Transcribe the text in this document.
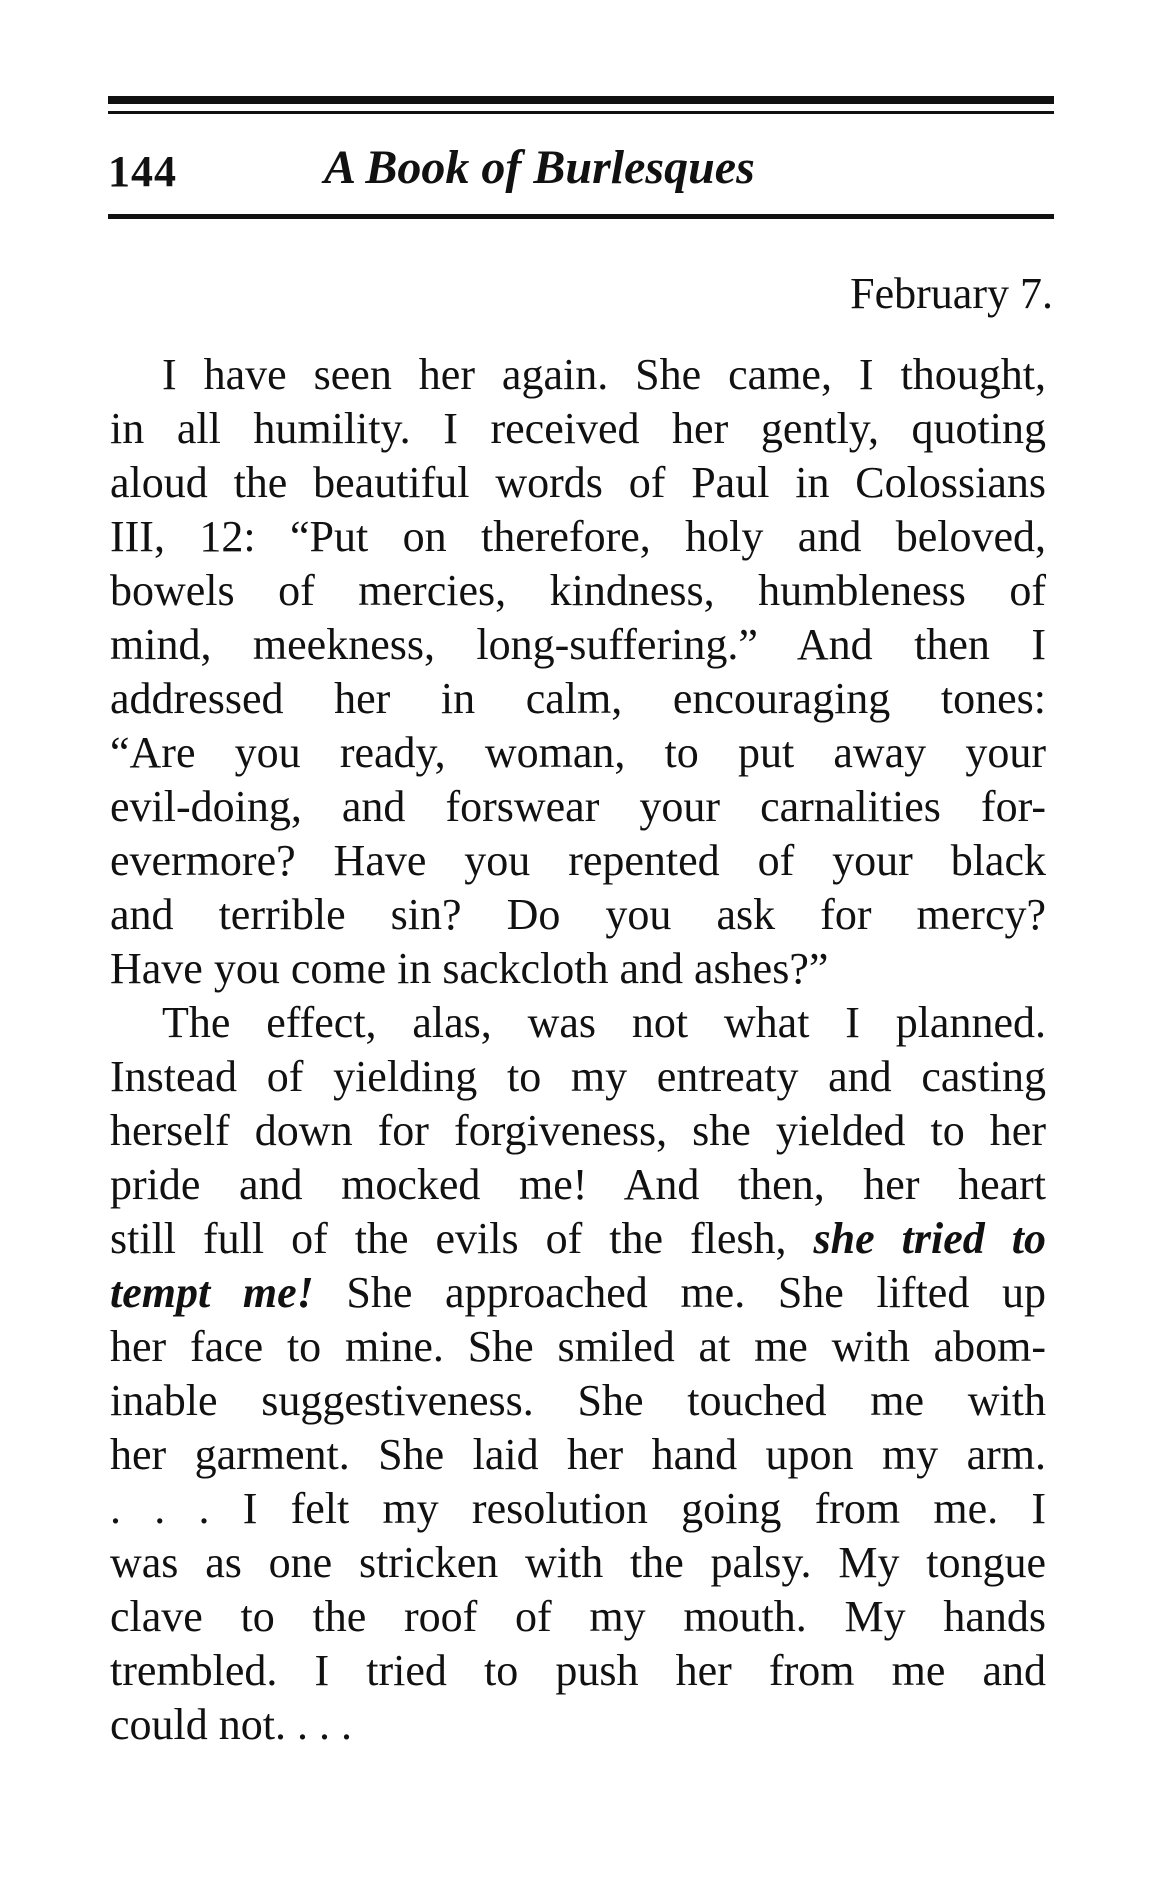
144	A Book of Burlesques
February 7.
I have seen her again. She came, I thought,
in all humility. I received her gently, quoting
aloud the beautiful words of Paul in Colossians
III, 12: “Put on therefore, holy and beloved,
bowels of mercies, kindness, humbleness of
mind, meekness, long-suffering.” And then I
addressed her in calm, encouraging tones:
“Are you ready, woman, to put away your
evil-doing, and forswear your carnalities for-
evermore? Have you repented of your black
and terrible sin? Do you ask for mercy?
Have you come in sackcloth and ashes?”
The effect, alas, was not what I planned.
Instead of yielding to my entreaty and casting
herself down for forgiveness, she yielded to her
pride and mocked me! And then, her heart
still full of the evils of the flesh, she tried to
tempt me! She approached me. She lifted up
her face to mine. She smiled at me with abom-
inable suggestiveness. She touched me with
her garment. She laid her hand upon my arm.
. . . I felt my resolution going from me. I
was as one stricken with the palsy. My tongue
clave to the roof of my mouth. My hands
trembled. I tried to push her from me and
could not. . . .
